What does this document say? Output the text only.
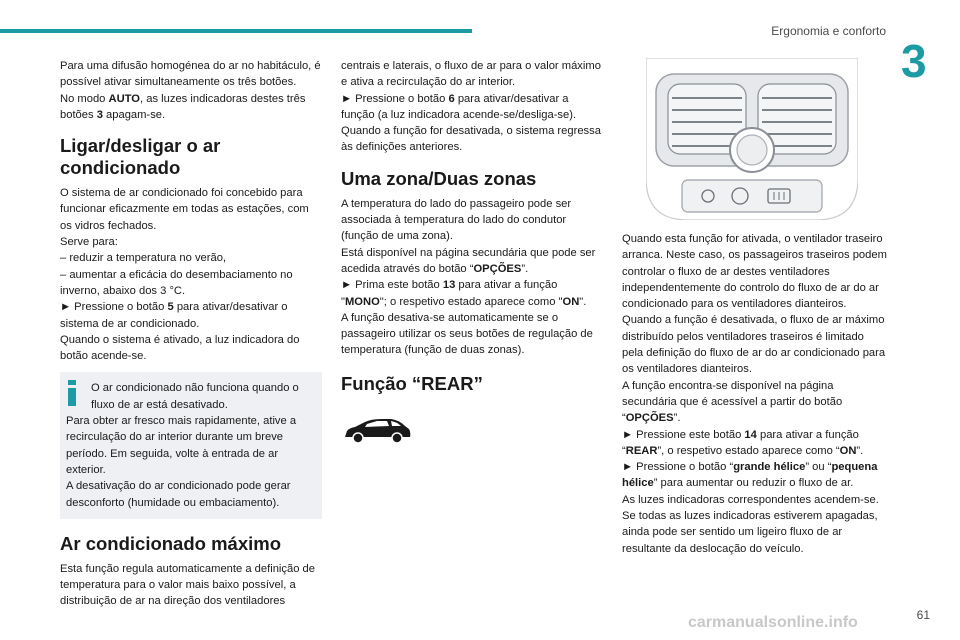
Ergonomia e conforto
3

Para uma difusão homogénea do ar no habitáculo, é possível ativar simultaneamente os três botões.

No modo AUTO, as luzes indicadoras destes três botões 3 apagam-se.

Ligar/desligar o ar condicionado

O sistema de ar condicionado foi concebido para funcionar eficazmente em todas as estações, com os vidros fechados.

Serve para:

– reduzir a temperatura no verão,

– aumentar a eficácia do desembaciamento no inverno, abaixo dos 3 °C.

► Pressione o botão 5 para ativar/desativar o sistema de ar condicionado.

Quando o sistema é ativado, a luz indicadora do botão acende-se.

O ar condicionado não funciona quando o fluxo de ar está desativado.

Para obter ar fresco mais rapidamente, ative a recirculação do ar interior durante um breve período. Em seguida, volte à entrada de ar exterior.

A desativação do ar condicionado pode gerar desconforto (humidade ou embaciamento).

Ar condicionado máximo

Esta função regula automaticamente a definição de temperatura para o valor mais baixo possível, a distribuição de ar na direção dos ventiladores

centrais e laterais, o fluxo de ar para o valor máximo e ativa a recirculação do ar interior.

► Pressione o botão 6 para ativar/desativar a função (a luz indicadora acende-se/desliga-se).

Quando a função for desativada, o sistema regressa às definições anteriores.

Uma zona/Duas zonas

A temperatura do lado do passageiro pode ser associada à temperatura do lado do condutor (função de uma zona).

Está disponível na página secundária que pode ser acedida através do botão “OPÇÕES”.

► Prima este botão 13 para ativar a função "MONO"; o respetivo estado aparece como "ON".

A função desativa-se automaticamente se o passageiro utilizar os seus botões de regulação de temperatura (função de duas zonas).

Função “REAR”

Quando esta função for ativada, o ventilador traseiro arranca. Neste caso, os passageiros traseiros podem controlar o fluxo de ar destes ventiladores independentemente do controlo do fluxo de ar do ar condicionado para os ventiladores dianteiros.

Quando a função é desativada, o fluxo de ar máximo distribuído pelos ventiladores traseiros é limitado pela definição do fluxo de ar do ar condicionado para os ventiladores dianteiros.

A função encontra-se disponível na página secundária que é acessível a partir do botão “OPÇÕES”.

► Pressione este botão 14 para ativar a função “REAR”, o respetivo estado aparece como “ON”.

► Pressione o botão “grande hélice” ou “pequena hélice” para aumentar ou reduzir o fluxo de ar.

As luzes indicadoras correspondentes acendem-se. Se todas as luzes indicadoras estiverem apagadas, ainda pode ser sentido um ligeiro fluxo de ar resultante da deslocação do veículo.

carmanualsonline.info	61
